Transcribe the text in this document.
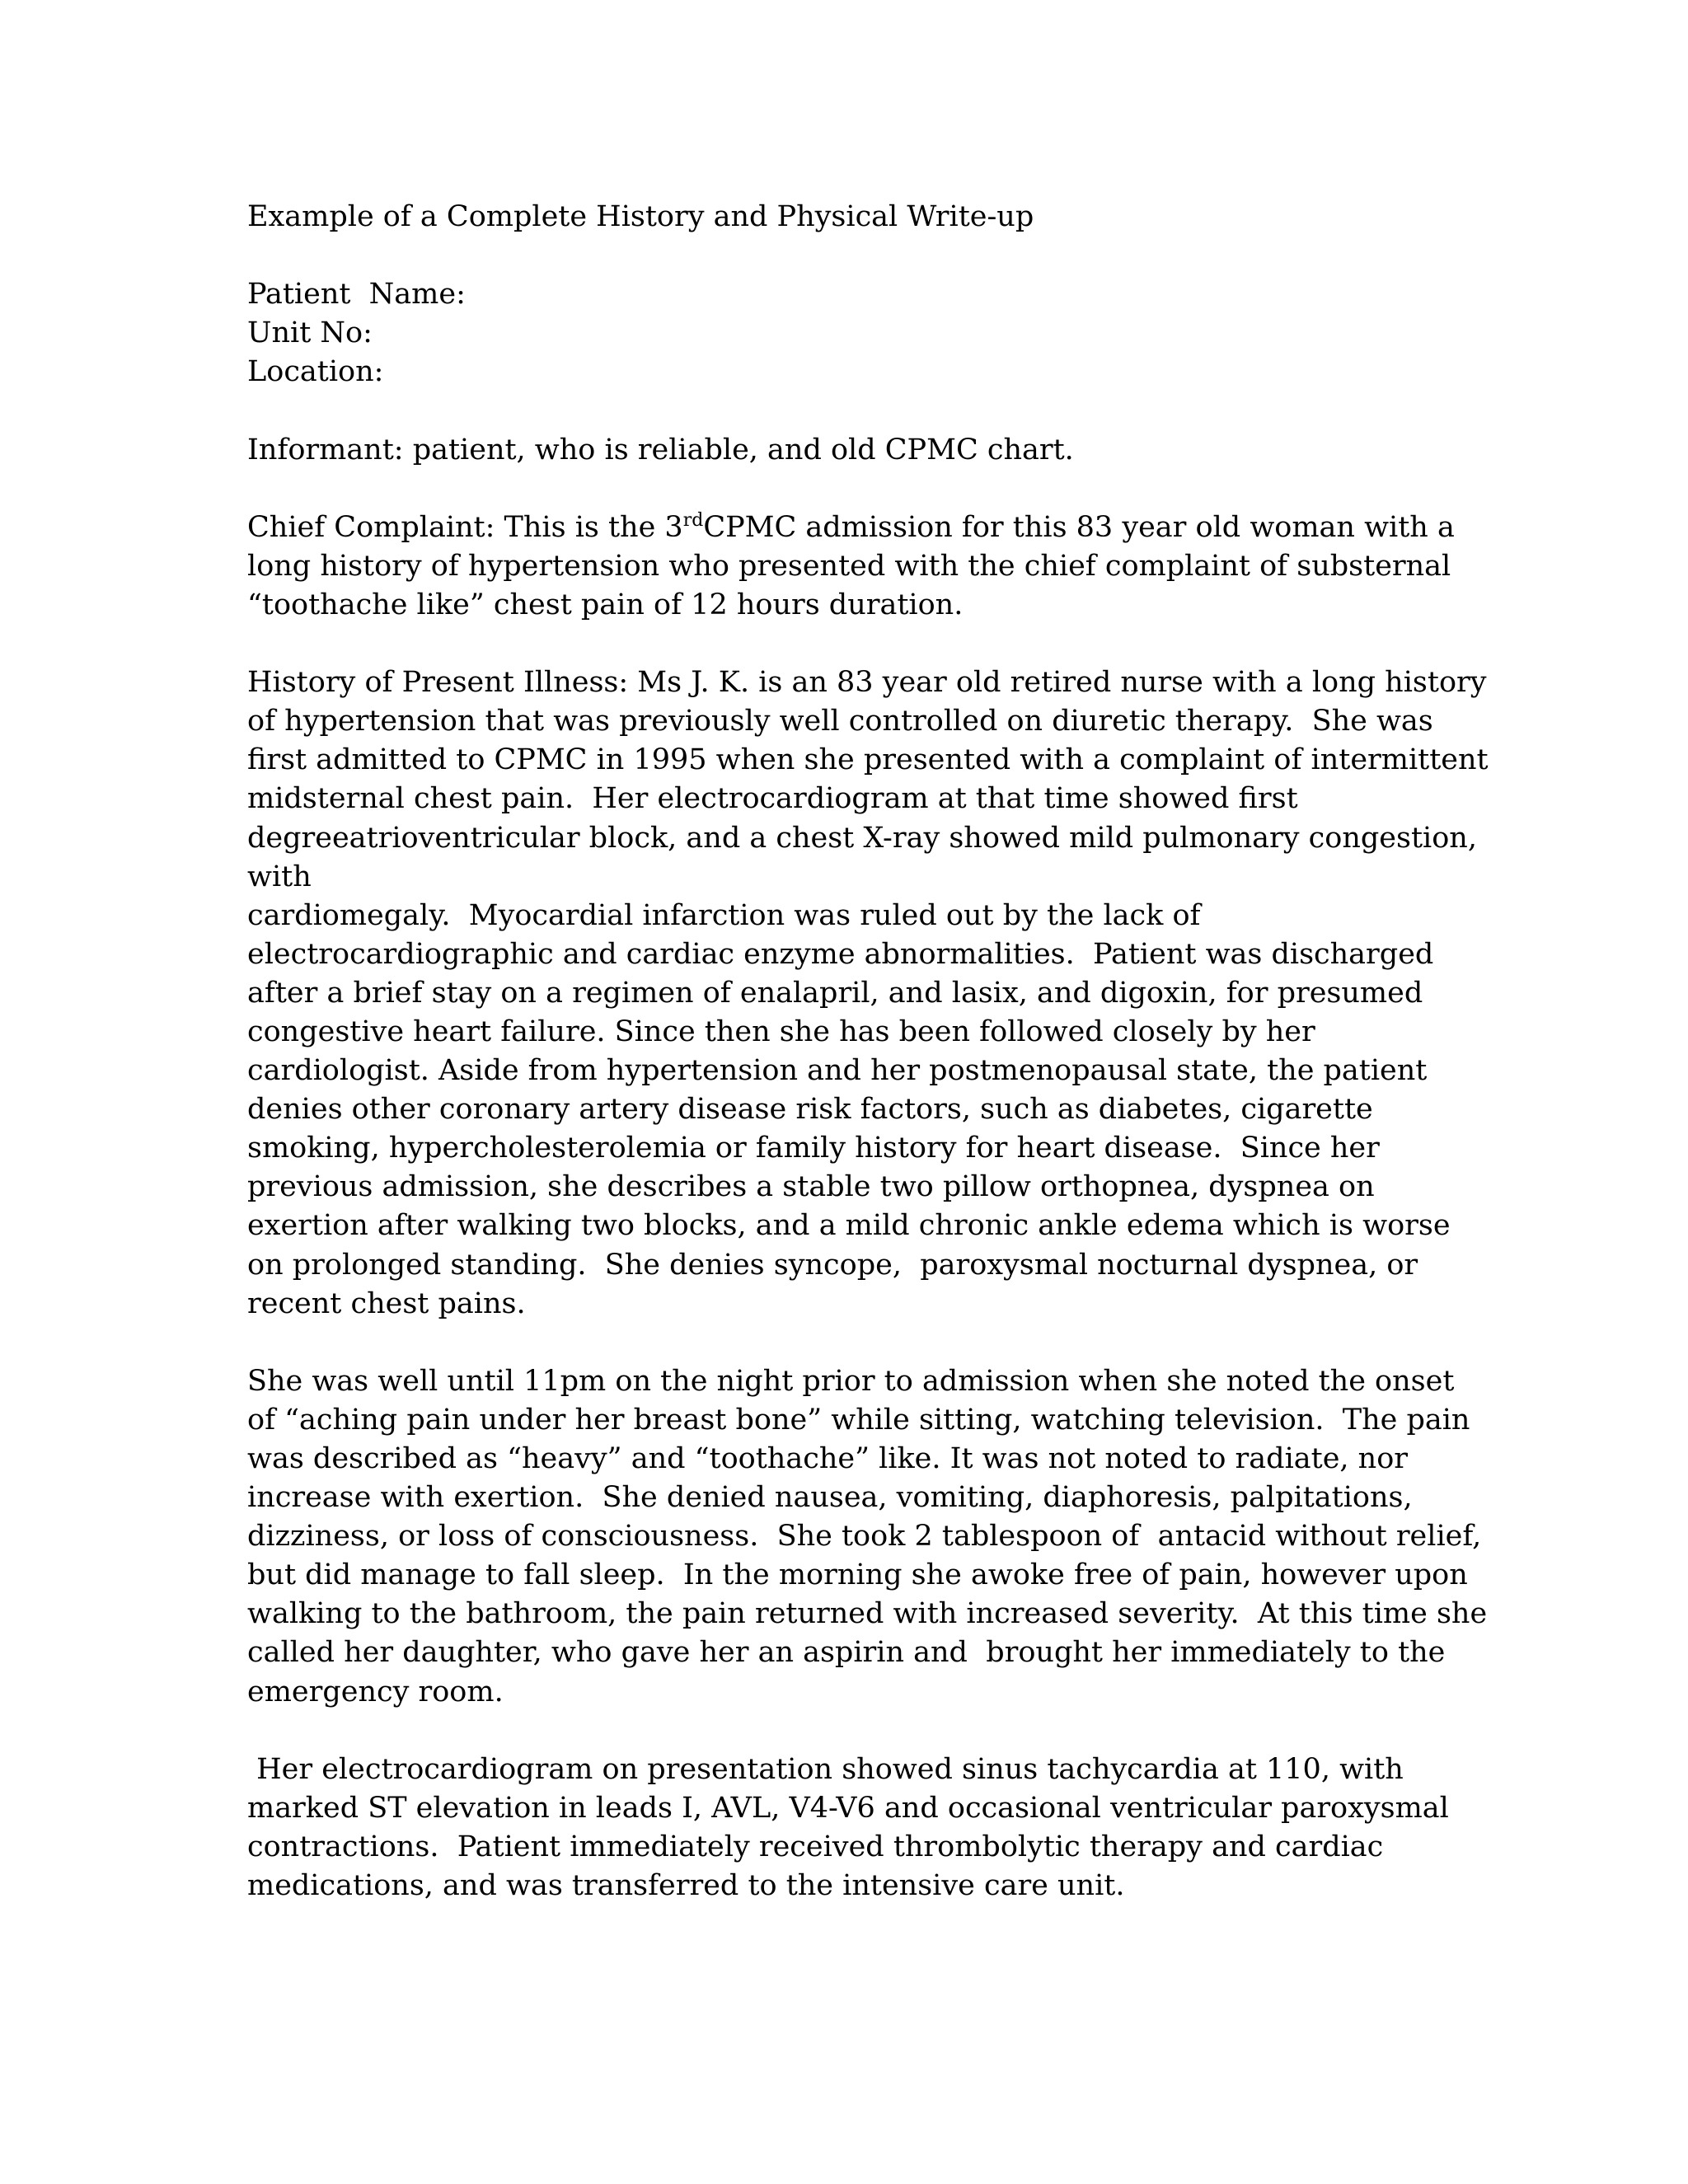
Example of a Complete History and Physical Write-up
Patient  Name:
Unit No:
Location:
Informant: patient, who is reliable, and old CPMC chart.
Chief Complaint: This is the 3rdCPMC admission for this 83 year old woman with a
long history of hypertension who presented with the chief complaint of substernal
“toothache like” chest pain of 12 hours duration.
History of Present Illness: Ms J. K. is an 83 year old retired nurse with a long history
of hypertension that was previously well controlled on diuretic therapy.  She was
first admitted to CPMC in 1995 when she presented with a complaint of intermittent
midsternal chest pain.  Her electrocardiogram at that time showed first
degreeatrioventricular block, and a chest X-ray showed mild pulmonary congestion,
with
cardiomegaly.  Myocardial infarction was ruled out by the lack of
electrocardiographic and cardiac enzyme abnormalities.  Patient was discharged
after a brief stay on a regimen of enalapril, and lasix, and digoxin, for presumed
congestive heart failure. Since then she has been followed closely by her
cardiologist. Aside from hypertension and her postmenopausal state, the patient
denies other coronary artery disease risk factors, such as diabetes, cigarette
smoking, hypercholesterolemia or family history for heart disease.  Since her
previous admission, she describes a stable two pillow orthopnea, dyspnea on
exertion after walking two blocks, and a mild chronic ankle edema which is worse
on prolonged standing.  She denies syncope,  paroxysmal nocturnal dyspnea, or
recent chest pains.
She was well until 11pm on the night prior to admission when she noted the onset
of “aching pain under her breast bone” while sitting, watching television.  The pain
was described as “heavy” and “toothache” like. It was not noted to radiate, nor
increase with exertion.  She denied nausea, vomiting, diaphoresis, palpitations,
dizziness, or loss of consciousness.  She took 2 tablespoon of  antacid without relief,
but did manage to fall sleep.  In the morning she awoke free of pain, however upon
walking to the bathroom, the pain returned with increased severity.  At this time she
called her daughter, who gave her an aspirin and  brought her immediately to the
emergency room.
Her electrocardiogram on presentation showed sinus tachycardia at 110, with
marked ST elevation in leads I, AVL, V4-V6 and occasional ventricular paroxysmal
contractions.  Patient immediately received thrombolytic therapy and cardiac
medications, and was transferred to the intensive care unit.
